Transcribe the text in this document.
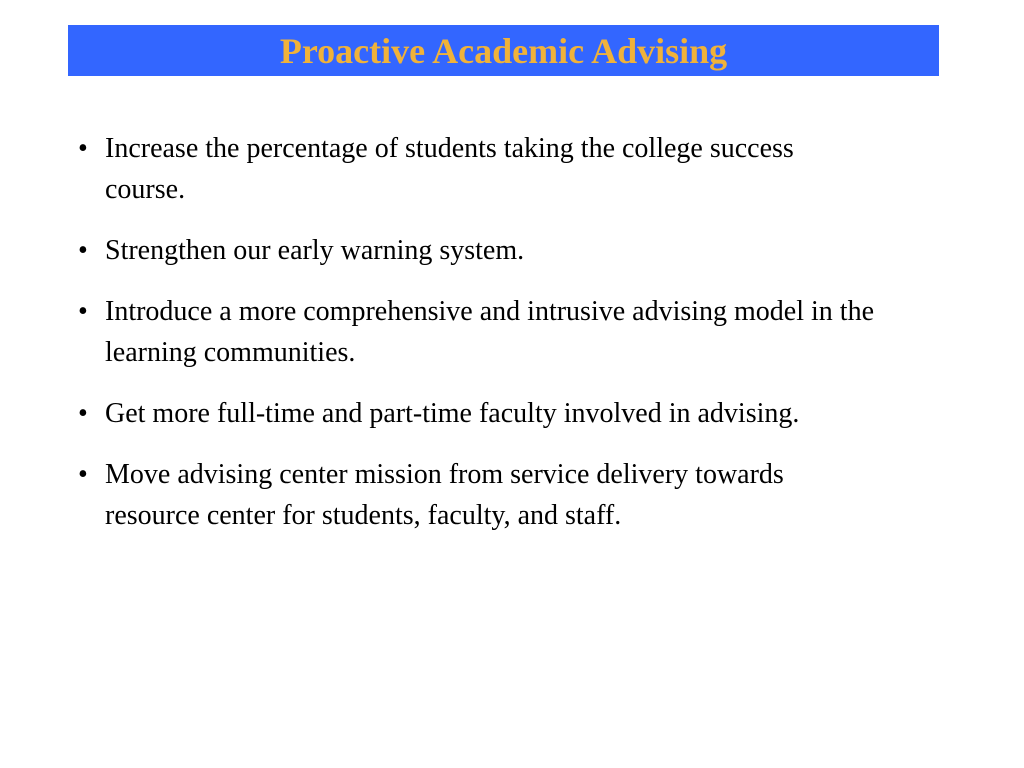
Proactive Academic Advising
• Increase the percentage of students taking the college success course.
• Strengthen our early warning system.
• Introduce a more comprehensive and intrusive advising model in the learning communities.
• Get more full-time and part-time faculty involved in advising.
• Move advising center mission from service delivery towards resource center for students, faculty, and staff.
